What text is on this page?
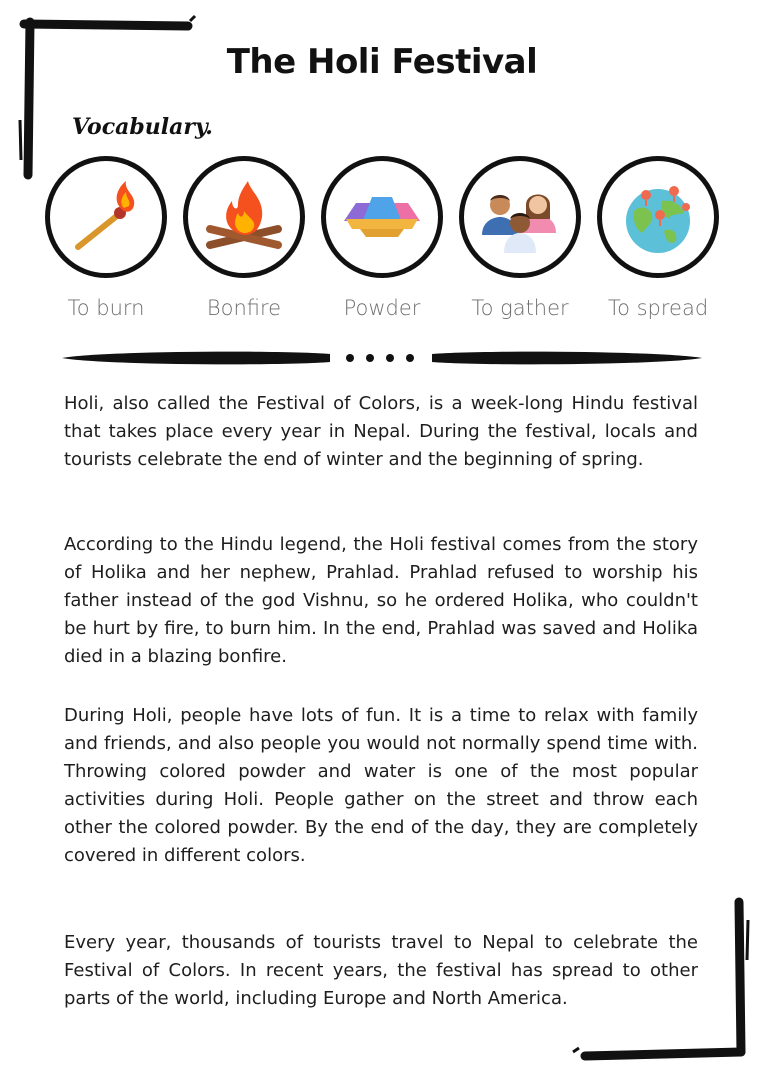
The Holi Festival
Vocabulary.
To burn	Bonfire	Powder	To gather	To spread

Holi, also called the Festival of Colors, is a week-long Hindu festival that takes place every year in Nepal. During the festival, locals and tourists celebrate the end of winter and the beginning of spring.

According to the Hindu legend, the Holi festival comes from the story of Holika and her nephew, Prahlad. Prahlad refused to worship his father instead of the god Vishnu, so he ordered Holika, who couldn't be hurt by fire, to burn him. In the end, Prahlad was saved and Holika died in a blazing bonfire.

During Holi, people have lots of fun. It is a time to relax with family and friends, and also people you would not normally spend time with. Throwing colored powder and water is one of the most popular activities during Holi. People gather on the street and throw each other the colored powder. By the end of the day, they are completely covered in different colors.

Every year, thousands of tourists travel to Nepal to celebrate the Festival of Colors. In recent years, the festival has spread to other parts of the world, including Europe and North America.
